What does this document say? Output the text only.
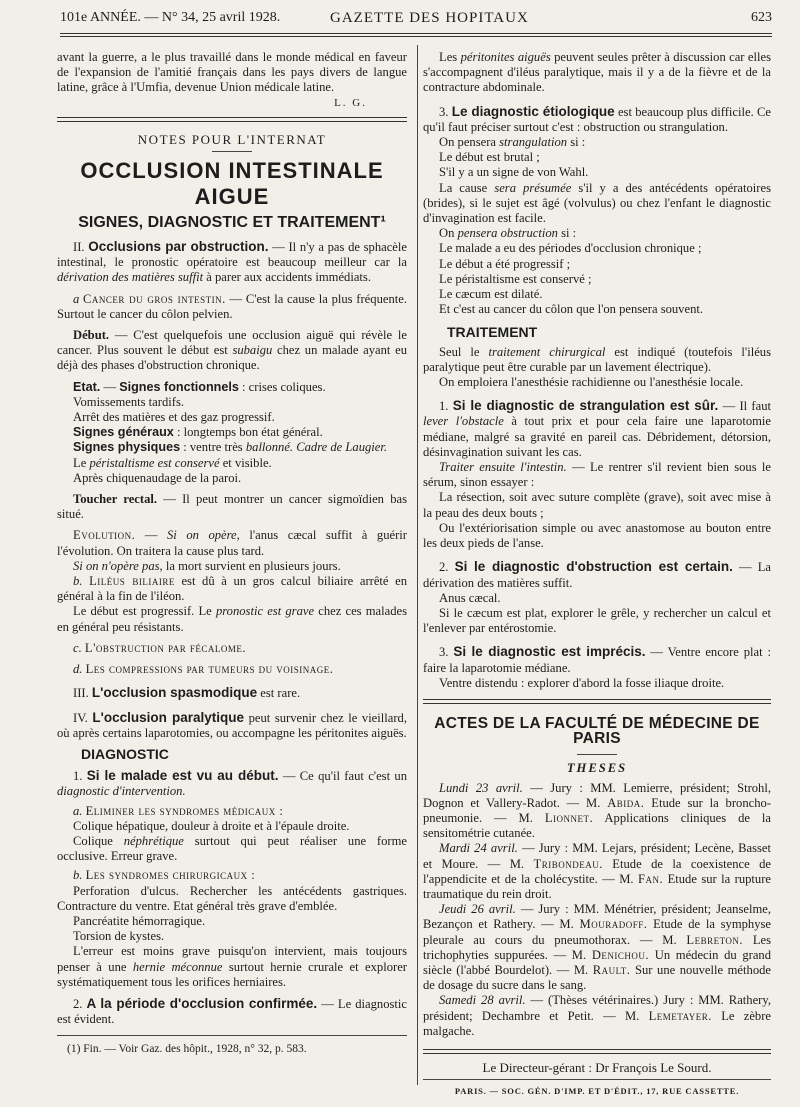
101e ANNÉE. — N° 34, 25 avril 1928.	GAZETTE DES HOPITAUX	623

avant la guerre, a le plus travaillé dans le monde médical en faveur de l'expansion de l'amitié français dans les pays divers de langue latine, grâce à l'Umfia, devenue Union médicale latine.

L. G.

NOTES POUR L'INTERNAT

OCCLUSION INTESTINALE AIGUE

SIGNES, DIAGNOSTIC ET TRAITEMENT¹

II. Occlusions par obstruction. — Il n'y a pas de sphacèle intestinal, le pronostic opératoire est beaucoup meilleur car la dérivation des matières suffit à parer aux accidents immédiats.

a Cancer du gros intestin. — C'est la cause la plus fréquente. Surtout le cancer du côlon pelvien.

Début. — C'est quelquefois une occlusion aiguë qui révèle le cancer. Plus souvent le début est subaigu chez un malade ayant eu déjà des phases d'obstruction chronique.

Etat. — Signes fonctionnels : crises coliques.

Vomissements tardifs.

Arrêt des matières et des gaz progressif.

Signes généraux : longtemps bon état général.

Signes physiques : ventre très ballonné. Cadre de Laugier.

Le péristaltisme est conservé et visible.

Après chiquenaudage de la paroi.

Toucher rectal. — Il peut montrer un cancer sigmoïdien bas situé.

Evolution. — Si on opère, l'anus cæcal suffit à guérir l'évolution. On traitera la cause plus tard.

Si on n'opère pas, la mort survient en plusieurs jours.

b. Liléus biliaire est dû à un gros calcul biliaire arrêté en général à la fin de l'iléon.

Le début est progressif. Le pronostic est grave chez ces malades en général peu résistants.

c. L'obstruction par fécalome.

d. Les compressions par tumeurs du voisinage.

III. L'occlusion spasmodique est rare.

IV. L'occlusion paralytique peut survenir chez le vieillard, où après certains laparotomies, ou accompagne les péritonites aiguës.

DIAGNOSTIC

1. Si le malade est vu au début. — Ce qu'il faut c'est un diagnostic d'intervention.

a. Eliminer les syndromes médicaux :

Colique hépatique, douleur à droite et à l'épaule droite.

Colique néphrétique surtout qui peut réaliser une forme occlusive. Erreur grave.

b. Les syndromes chirurgicaux :

Perforation d'ulcus. Rechercher les antécédents gastriques. Contracture du ventre. Etat général très grave d'emblée.

Pancréatite hémorragique.

Torsion de kystes.

L'erreur est moins grave puisqu'on intervient, mais toujours penser à une hernie méconnue surtout hernie crurale et explorer systématiquement tous les orifices herniaires.

2. A la période d'occlusion confirmée. — Le diagnostic est évident.

(1) Fin. — Voir Gaz. des hôpit., 1928, n° 32, p. 583.

Les péritonites aiguës peuvent seules prêter à discussion car elles s'accompagnent d'iléus paralytique, mais il y a de la fièvre et de la contracture abdominale.

3. Le diagnostic étiologique est beaucoup plus difficile. Ce qu'il faut préciser surtout c'est : obstruction ou strangulation.

On pensera strangulation si :

Le début est brutal ;

S'il y a un signe de von Wahl.

La cause sera présumée s'il y a des antécédents opératoires (brides), si le sujet est âgé (volvulus) ou chez l'enfant le diagnostic d'invagination est facile.

On pensera obstruction si :

Le malade a eu des périodes d'occlusion chronique ;

Le début a été progressif ;

Le péristaltisme est conservé ;

Le cæcum est dilaté.

Et c'est au cancer du côlon que l'on pensera souvent.

TRAITEMENT

Seul le traitement chirurgical est indiqué (toutefois l'iléus paralytique peut être curable par un lavement électrique).

On emploiera l'anesthésie rachidienne ou l'anesthésie locale.

1. Si le diagnostic de strangulation est sûr. — Il faut lever l'obstacle à tout prix et pour cela faire une laparotomie médiane, malgré sa gravité en pareil cas. Débridement, détorsion, désinvagination suivant les cas.

Traiter ensuite l'intestin. — Le rentrer s'il revient bien sous le sérum, sinon essayer :

La résection, soit avec suture complète (grave), soit avec mise à la peau des deux bouts ;

Ou l'extériorisation simple ou avec anastomose au bouton entre les deux pieds de l'anse.

2. Si le diagnostic d'obstruction est certain. — La dérivation des matières suffit.

Anus cæcal.

Si le cæcum est plat, explorer le grêle, y rechercher un calcul et l'enlever par entérostomie.

3. Si le diagnostic est imprécis. — Ventre encore plat : faire la laparotomie médiane.

Ventre distendu : explorer d'abord la fosse iliaque droite.

ACTES DE LA FACULTÉ DE MÉDECINE DE PARIS

THESES

Lundi 23 avril. — Jury : MM. Lemierre, président; Strohl, Dognon et Vallery-Radot. — M. Abida. Etude sur la broncho-pneumonie. — M. Lionnet. Applications cliniques de la sensitométrie cutanée.

Mardi 24 avril. — Jury : MM. Lejars, président; Lecène, Basset et Moure. — M. Tribondeau. Etude de la coexistence de l'appendicite et de la cholécystite. — M. Fan. Etude sur la rupture traumatique du rein droit.

Jeudi 26 avril. — Jury : MM. Ménétrier, président; Jeanselme, Bezançon et Rathery. — M. Mouradoff. Etude de la symphyse pleurale au cours du pneumothorax. — M. Lebreton. Les trichophyties suppurées. — M. Denichou. Un médecin du grand siècle (l'abbé Bourdelot). — M. Rault. Sur une nouvelle méthode de dosage du sucre dans le sang.

Samedi 28 avril. — (Thèses vétérinaires.) Jury : MM. Rathery, président; Dechambre et Petit. — M. Lemetayer. Le zèbre malgache.

Le Directeur-gérant : Dr François Le Sourd.

PARIS. — SOC. GÉN. D'IMP. ET D'ÉDIT., 17, RUE CASSETTE.
